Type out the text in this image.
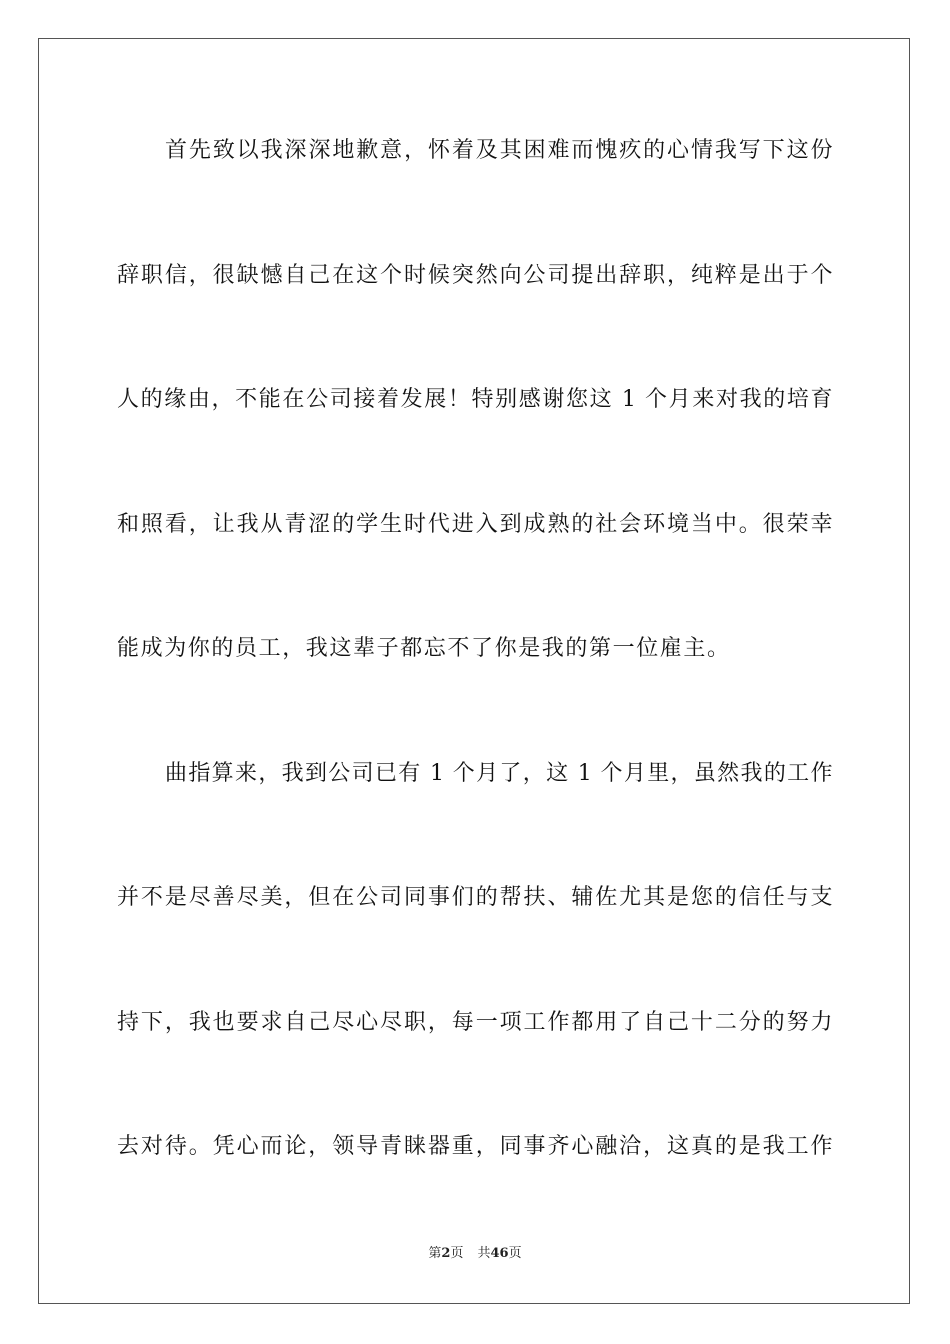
首先致以我深深地歉意，怀着及其困难而愧疚的心情我写下这份
辞职信，很缺憾自己在这个时候突然向公司提出辞职，纯粹是出于个
人的缘由，不能在公司接着发展！特别感谢您这 1 个月来对我的培育
和照看，让我从青涩的学生时代进入到成熟的社会环境当中。很荣幸
能成为你的员工，我这辈子都忘不了你是我的第一位雇主。
曲指算来，我到公司已有 1 个月了，这 1 个月里，虽然我的工作
并不是尽善尽美，但在公司同事们的帮扶、辅佐尤其是您的信任与支
持下，我也要求自己尽心尽职，每一项工作都用了自己十二分的努力
去对待。凭心而论，领导青睐器重，同事齐心融洽，这真的是我工作
第2页 共46页
